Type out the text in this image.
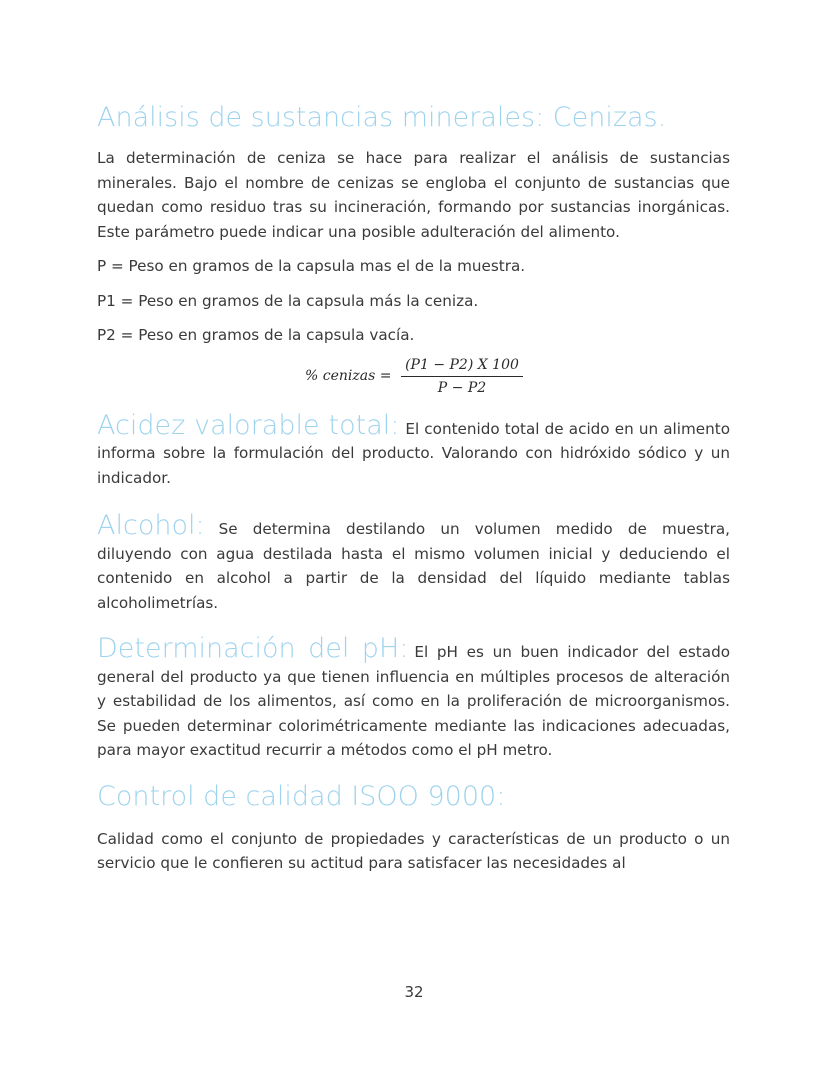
Análisis de sustancias minerales: Cenizas.

La determinación de ceniza se hace para realizar el análisis de sustancias minerales. Bajo el nombre de cenizas se engloba el conjunto de sustancias que quedan como residuo tras su incineración, formando por sustancias inorgánicas. Este parámetro puede indicar una posible adulteración del alimento.

P = Peso en gramos de la capsula mas el de la muestra.

P1 = Peso en gramos de la capsula más la ceniza.

P2 = Peso en gramos de la capsula vacía.

% cenizas =
(P1 − P2) X 100
P − P2
Acidez valorable total: El contenido total de acido en un alimento informa sobre la formulación del producto. Valorando con hidróxido sódico y un indicador.
Alcohol: Se determina destilando un volumen medido de muestra, diluyendo con agua destilada hasta el mismo volumen inicial y deduciendo el contenido en alcohol a partir de la densidad del líquido mediante tablas alcoholimetrías.
Determinación del pH: El pH es un buen indicador del estado general del producto ya que tienen influencia en múltiples procesos de alteración y estabilidad de los alimentos, así como en la proliferación de microorganismos. Se pueden determinar colorimétricamente mediante las indicaciones adecuadas, para mayor exactitud recurrir a métodos como el pH metro.
Control de calidad ISOO 9000:

Calidad como el conjunto de propiedades y características de un producto o un servicio que le confieren su actitud para satisfacer las necesidades al

32
